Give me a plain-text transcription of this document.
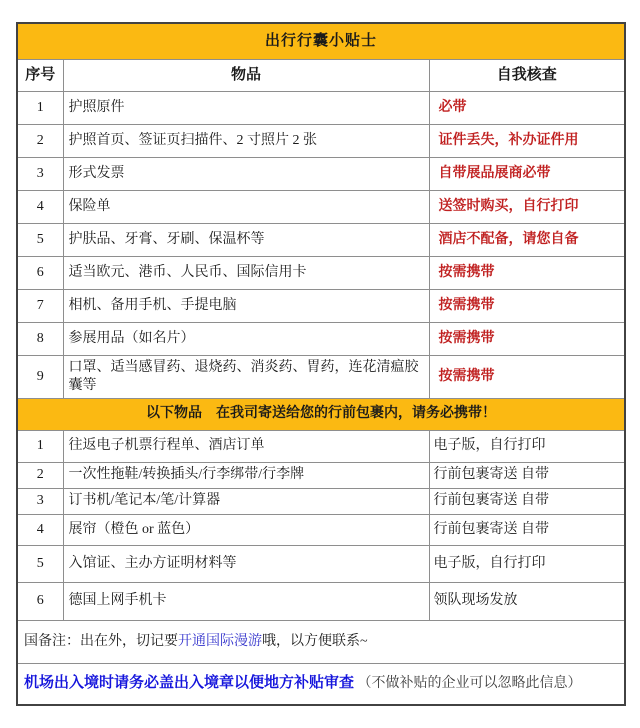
出行行囊小贴士		
序号	物品	自我核查
1	护照原件	必带
2	护照首页、签证页扫描件、2 寸照片 2 张	证件丢失，补办证件用
3	形式发票	自带展品展商必带
4	保险单	送签时购买，自行打印
5	护肤品、牙膏、牙刷、保温杯等	酒店不配备，请您自备
6	适当欧元、港币、人民币、国际信用卡	按需携带
7	相机、备用手机、手提电脑	按需携带
8	参展用品（如名片）	按需携带
9	口罩、适当感冒药、退烧药、消炎药、胃药，连花清瘟胶囊等	按需携带
以下物品　在我司寄送给您的行前包裹内，请务必携带！		
1	往返电子机票行程单、酒店订单	电子版，自行打印
2	一次性拖鞋/转换插头/行李绑带/行李牌	行前包裹寄送 自带
3	订书机/笔记本/笔/计算器	行前包裹寄送 自带
4	展帘（橙色 or 蓝色）	行前包裹寄送 自带
5	入馆证、主办方证明材料等	电子版，自行打印
6	德国上网手机卡	领队现场发放
国备注：出在外，切记要开通国际漫游哦，以方便联系~		
机场出入境时请务必盖出入境章以便地方补贴审查 （不做补贴的企业可以忽略此信息）		
